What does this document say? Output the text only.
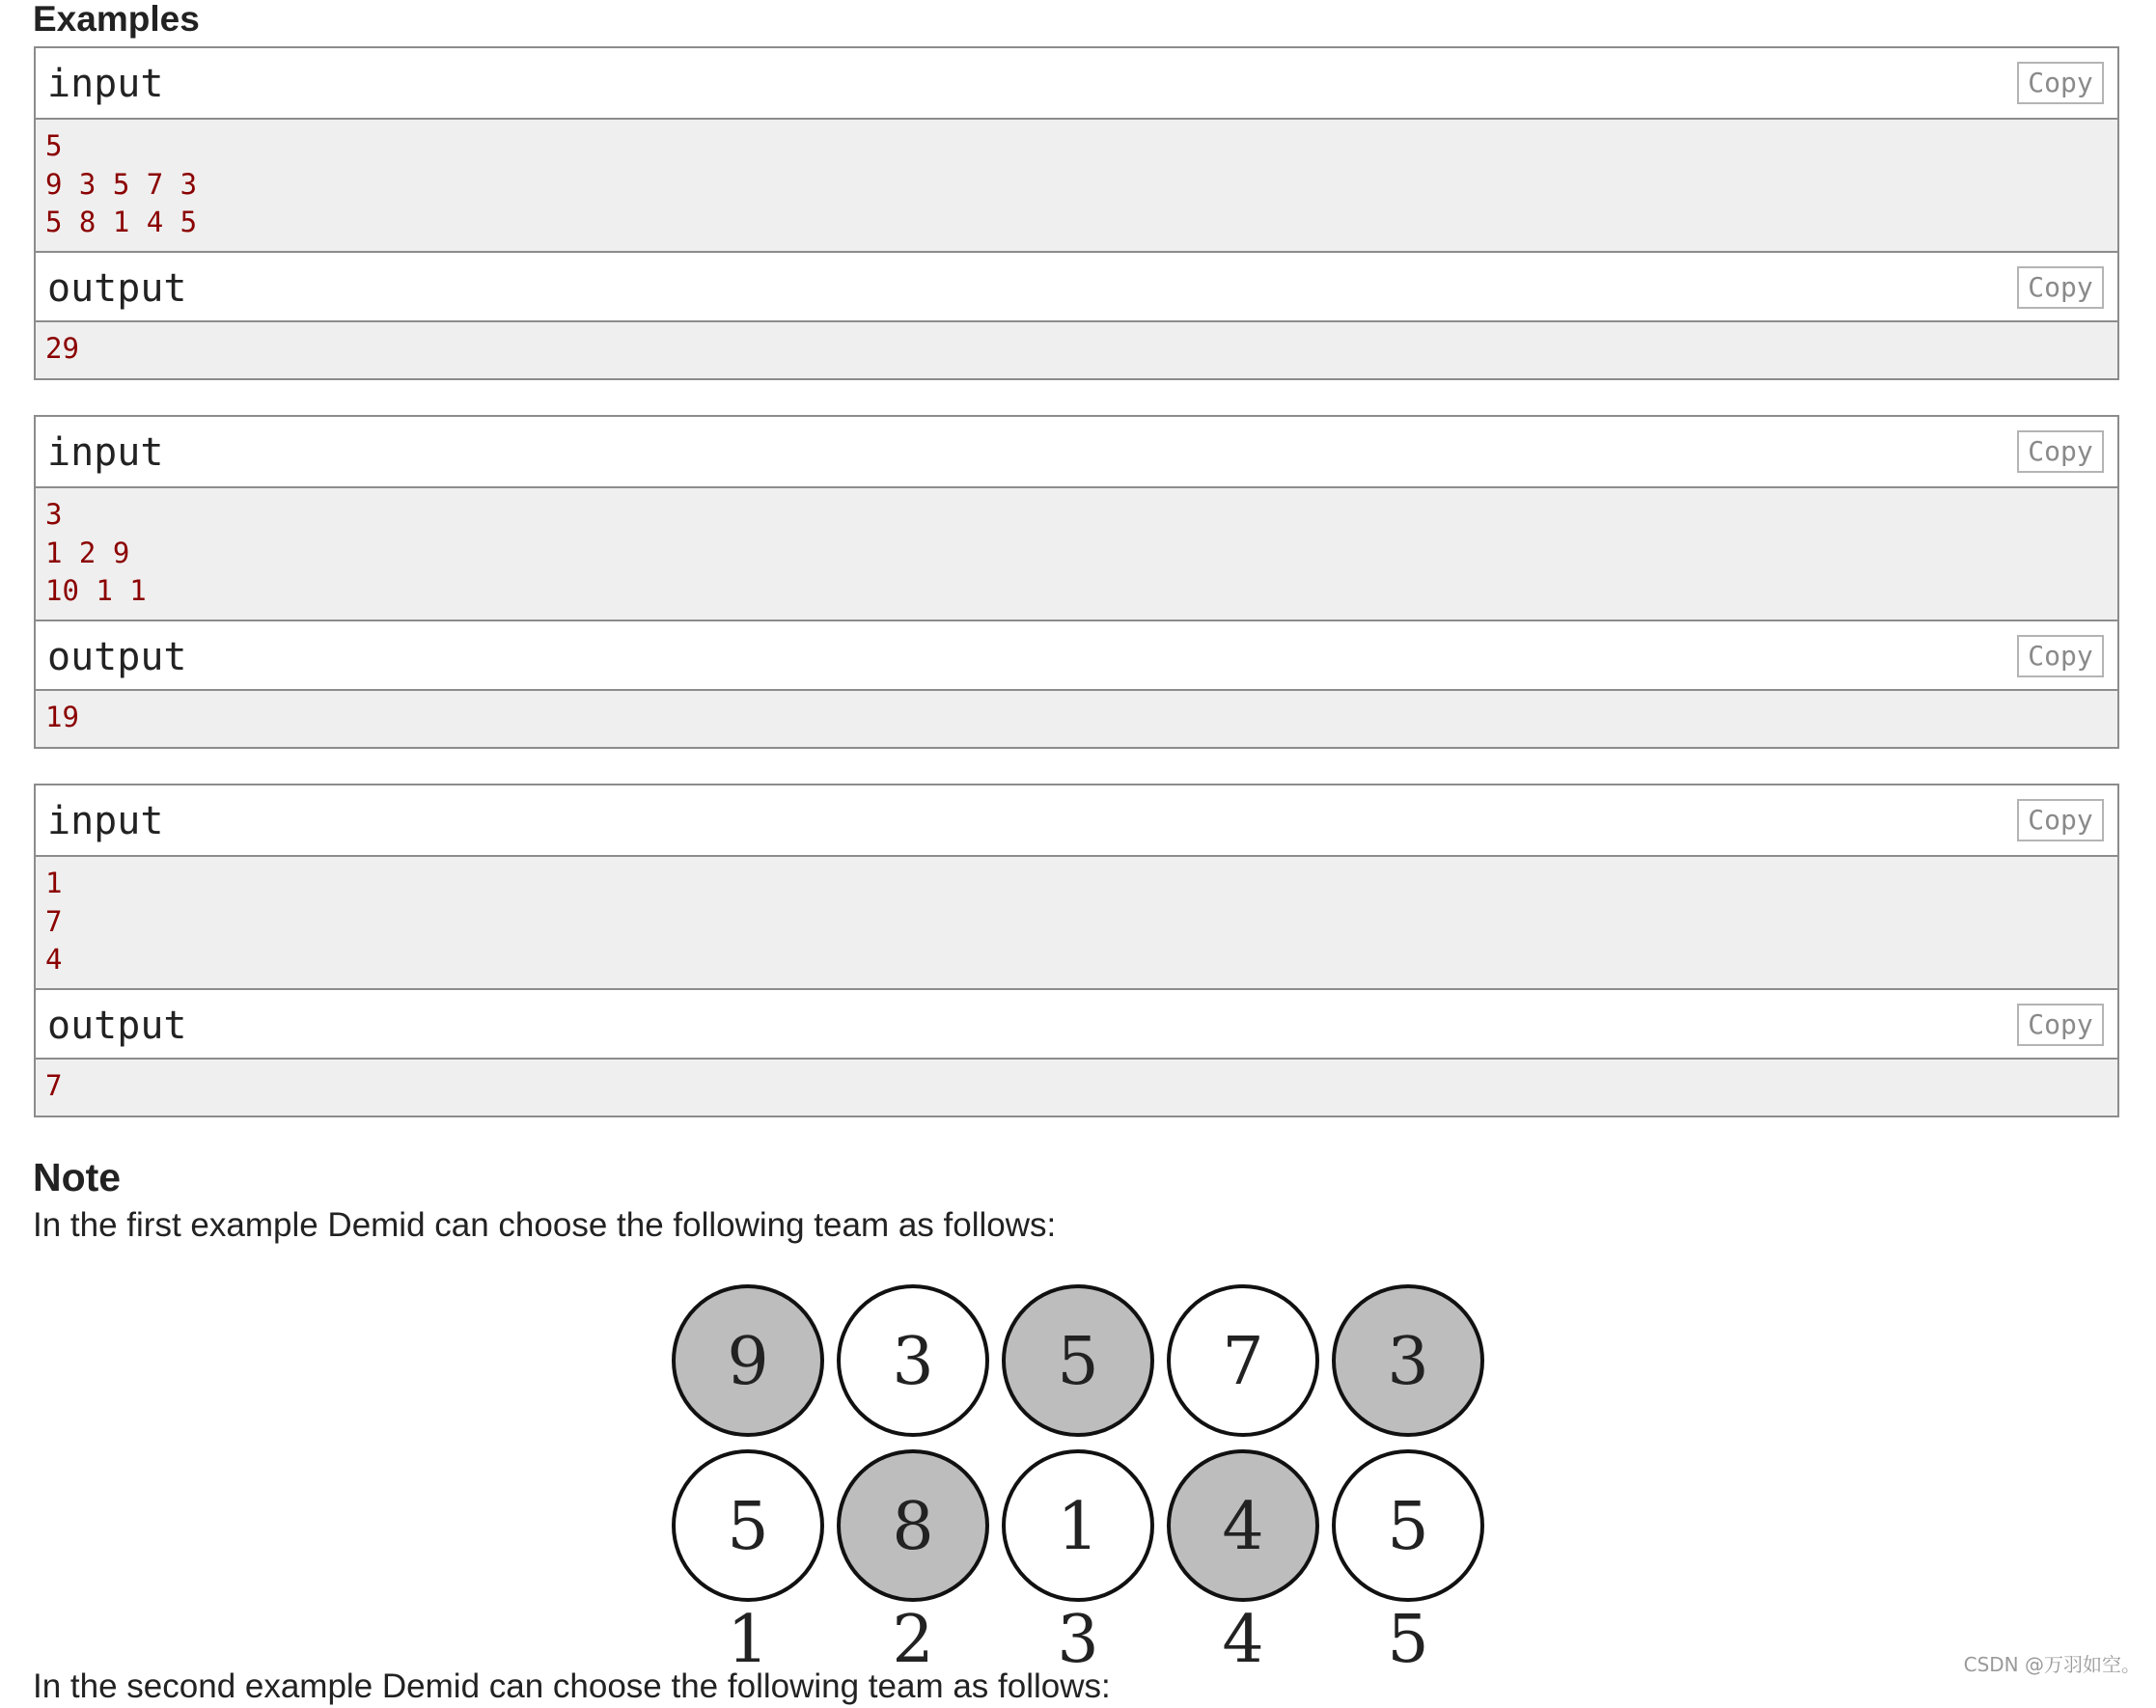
Examples
input	Copy
5
9 3 5 7 3
5 8 1 4 5
output	Copy
29
input	Copy
3
1 2 9
10 1 1
output	Copy
19
input	Copy
1
7
4
output	Copy
7
Note
In the first example Demid can choose the following team as follows:
9 3 5 7 3
5 8 1 4 5
1 2 3 4 5
In the second example Demid can choose the following team as follows:
CSDN @万羽如空。
